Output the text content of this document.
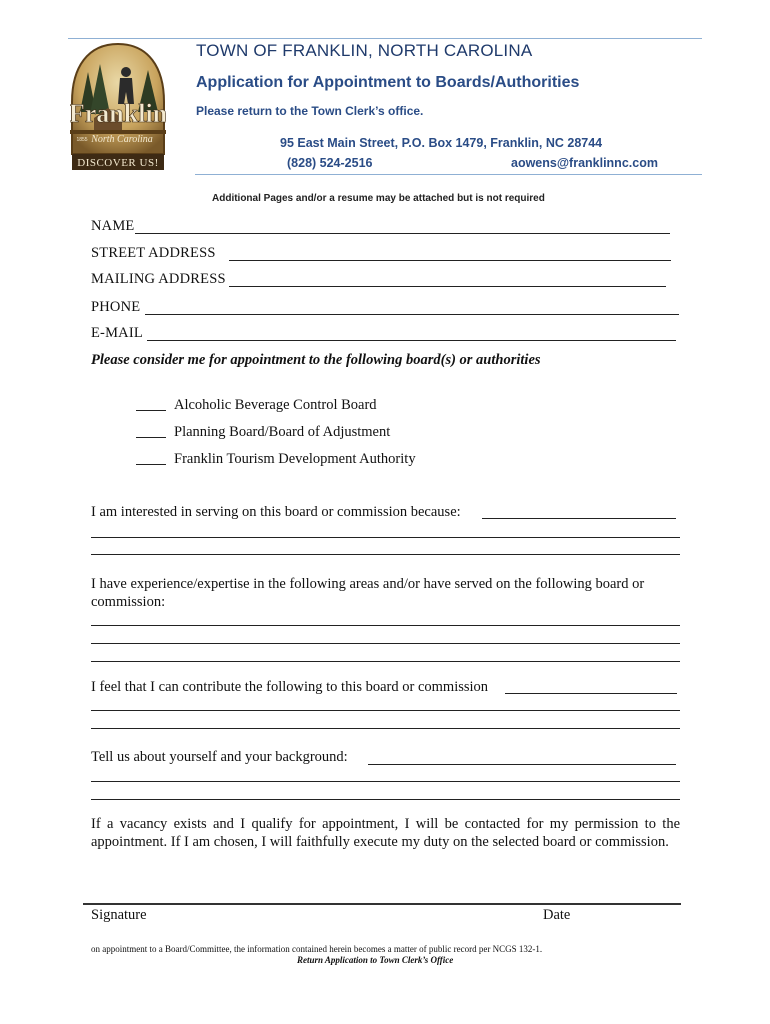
Franklin
North Carolina
1855
DISCOVER US!
TOWN OF FRANKLIN, NORTH CAROLINA
Application for Appointment to Boards/Authorities
Please return to the Town Clerk’s office.
95 East Main Street, P.O. Box 1479, Franklin, NC 28744
(828) 524-2516	aowens@franklinnc.com
Additional Pages and/or a resume may be attached but is not required
NAME
STREET ADDRESS
MAILING ADDRESS
PHONE
E-MAIL
Please consider me for appointment to the following board(s) or authorities
Alcoholic Beverage Control Board
Planning Board/Board of Adjustment
Franklin Tourism Development Authority
I am interested in serving on this board or commission because:
I have experience/expertise in the following areas and/or have served on the following board or
commission:
I feel that I can contribute the following to this board or commission
Tell us about yourself and your background:
If a vacancy exists and I qualify for appointment, I will be contacted for my permission to the appointment. If I am chosen, I will faithfully execute my duty on the selected board or commission.
Signature	Date
on appointment to a Board/Committee, the information contained herein becomes a matter of public record per NCGS 132-1.
Return Application to Town Clerk’s Office
